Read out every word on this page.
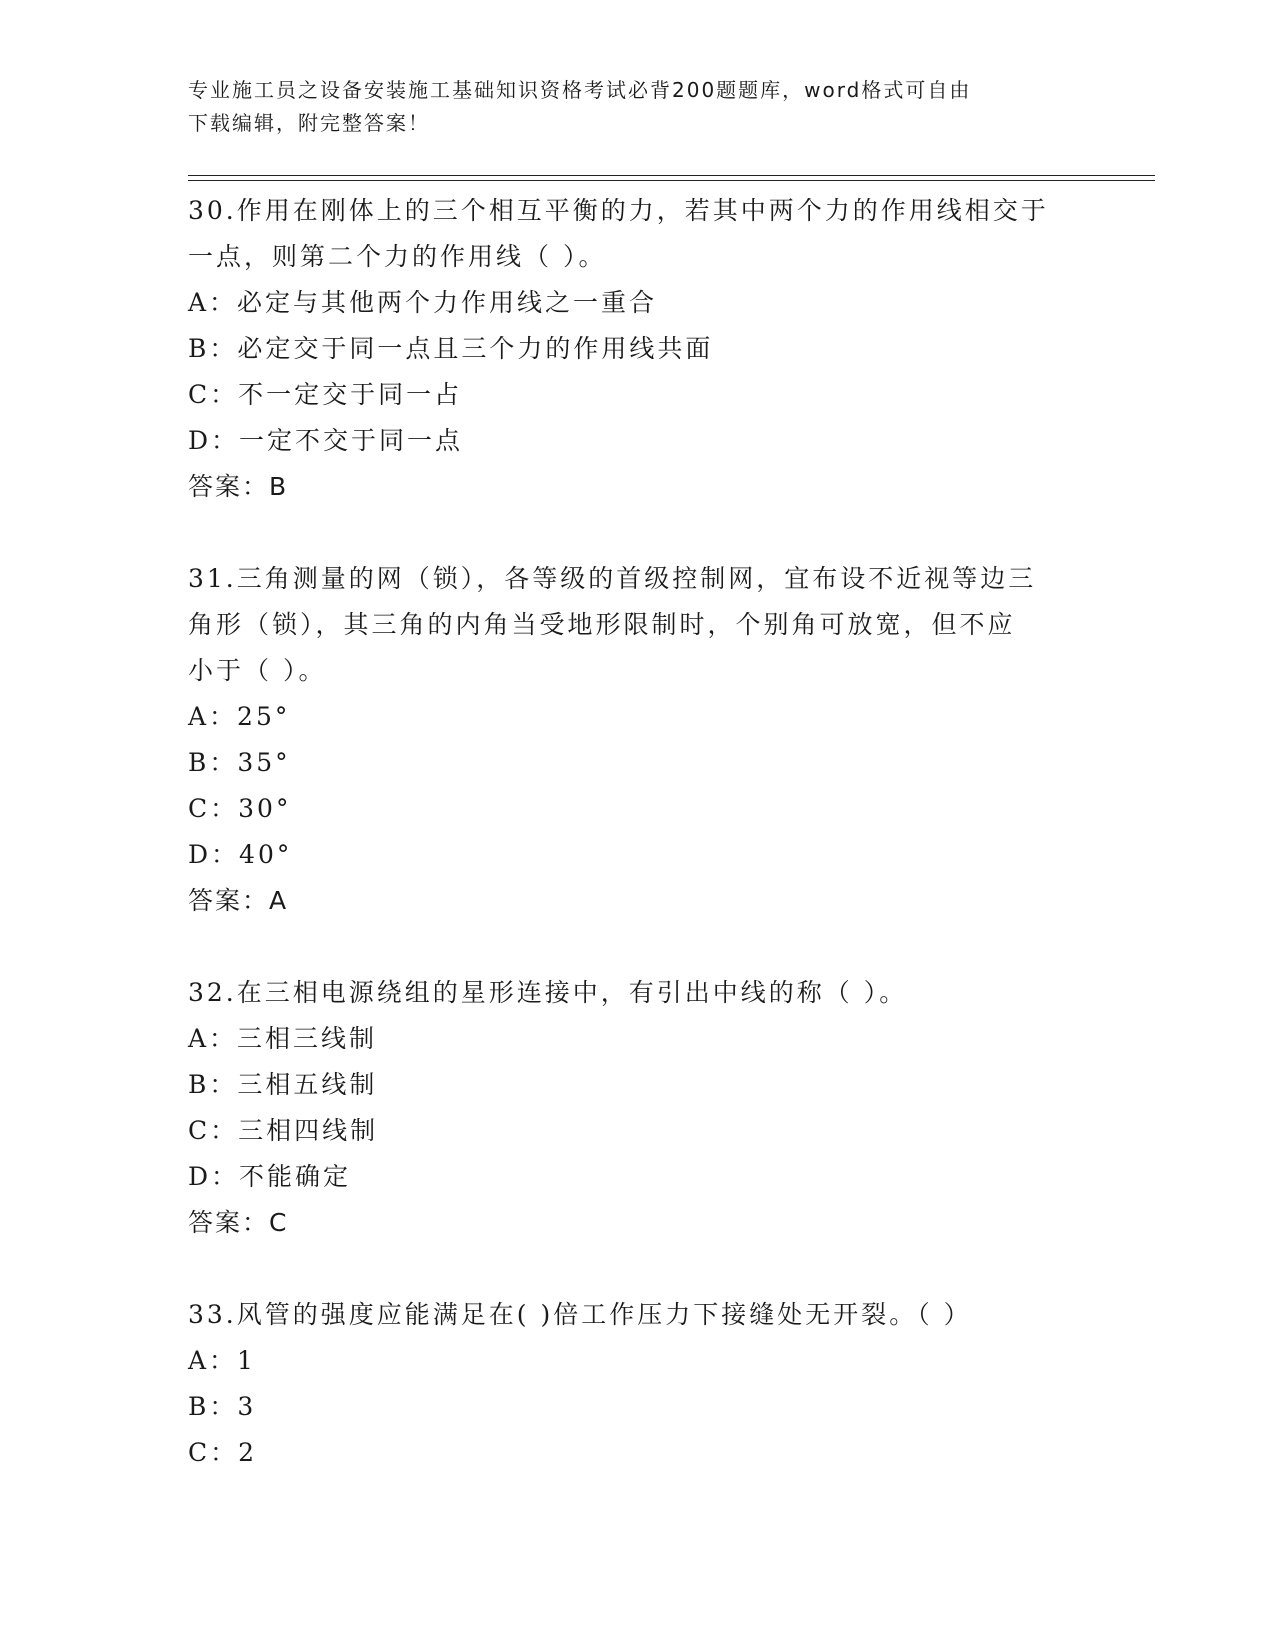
专业施工员之设备安装施工基础知识资格考试必背200题题库，word格式可自由
下载编辑，附完整答案！
30.作用在刚体上的三个相互平衡的力，若其中两个力的作用线相交于
一点，则第二个力的作用线（ ）。
A：必定与其他两个力作用线之一重合
B：必定交于同一点且三个力的作用线共面
C：不一定交于同一占
D：一定不交于同一点
答案：B
31.三角测量的网（锁），各等级的首级控制网，宜布设不近视等边三
角形（锁），其三角的内角当受地形限制时，个别角可放宽，但不应
小于（ ）。
A：25°
B：35°
C：30°
D：40°
答案：A
32.在三相电源绕组的星形连接中，有引出中线的称（ ）。
A：三相三线制
B：三相五线制
C：三相四线制
D：不能确定
答案：C
33.风管的强度应能满足在( )倍工作压力下接缝处无开裂。（ ）
A：1
B：3
C：2
